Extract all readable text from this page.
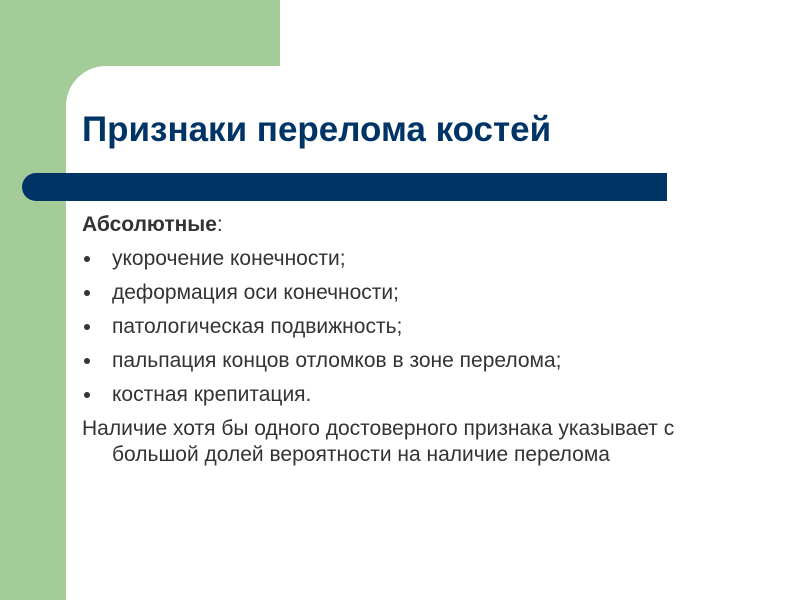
Признаки перелома костей
Абсолютные:
укорочение конечности;
деформация оси конечности;
патологическая подвижность;
пальпация концов отломков в зоне перелома;
костная крепитация.

Наличие хотя бы одного достоверного признака указывает с большой долей вероятности на наличие перелома
